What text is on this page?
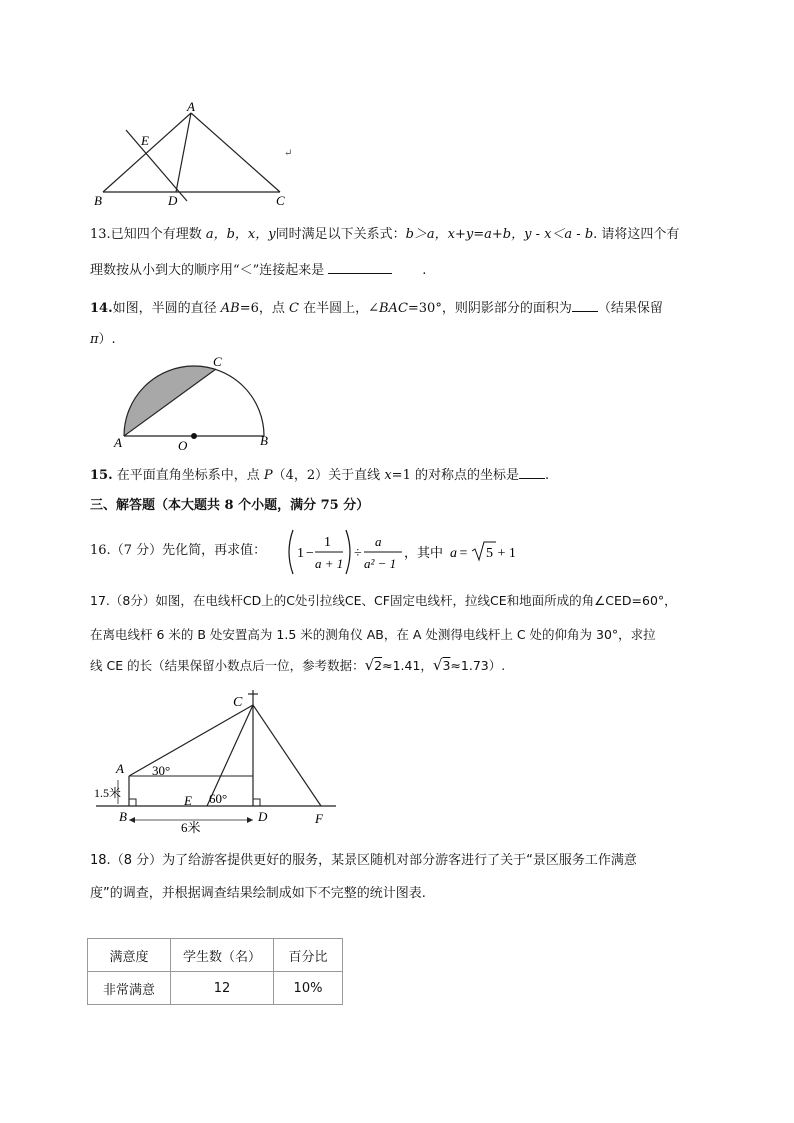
A
E
B	D	C
↵
13.已知四个有理数 a，b，x，y同时满足以下关系式：b＞a，x+y=a+b，y - x＜a - b. 请将这四个有
理数按从小到大的顺序用“＜”连接起来是	.
14.如图，半圆的直径 AB=6，点 C 在半圆上，∠BAC=30°，则阴影部分的面积为 （结果保留
π）.
A	O	B
C
15. 在平面直角坐标系中，点 P（4，2）关于直线 x=1 的对称点的坐标是 .
三、解答题（本大题共 8 个小题，满分 75 分）
16.（7 分）先化简，再求值： 1 −
1
a + 1
÷
a
a² − 1
，其中 a = 5 + 1
17.（8分）如图，在电线杆CD上的C处引拉线CE、CF固定电线杆，拉线CE和地面所成的角∠CED=60°，
在离电线杆 6 米的 B 处安置高为 1.5 米的测角仪 AB，在 A 处测得电线杆上 C 处的仰角为 30°，求拉
线 CE 的长（结果保留小数点后一位，参考数据：√2≈1.41，√3≈1.73）.
C
A 30°
1.5米	E 60°
B	D	F
6米
18.（8 分）为了给游客提供更好的服务，某景区随机对部分游客进行了关于“景区服务工作满意
度”的调查，并根据调查结果绘制成如下不完整的统计图表.
满意度	学生数（名）	百分比
非常满意	12	10%
